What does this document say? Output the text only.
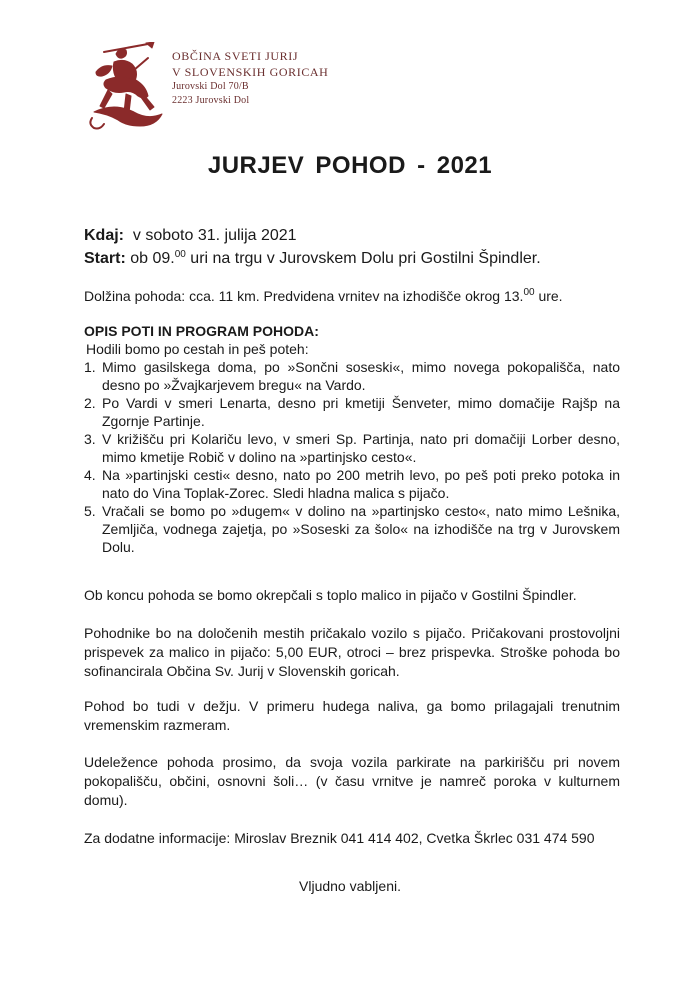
OBČINA SVETI JURIJ
V SLOVENSKIH GORICAH
Jurovski Dol 70/B
2223 Jurovski Dol
JURJEV POHOD - 2021
Kdaj: v soboto 31. julija 2021
Start: ob 09.00 uri na trgu v Jurovskem Dolu pri Gostilni Špindler.
Dolžina pohoda: cca. 11 km. Predvidena vrnitev na izhodišče okrog 13.00 ure.
OPIS POTI IN PROGRAM POHODA:
Hodili bomo po cestah in peš poteh:
1. Mimo gasilskega doma, po »Sončni soseski«, mimo novega pokopališča, nato desno po »Žvajkarjevem bregu« na Vardo.
2. Po Vardi v smeri Lenarta, desno pri kmetiji Šenveter, mimo domačije Rajšp na Zgornje Partinje.
3. V križišču pri Kolariču levo, v smeri Sp. Partinja, nato pri domačiji Lorber desno, mimo kmetije Robič v dolino na »partinjsko cesto«.
4. Na »partinjski cesti« desno, nato po 200 metrih levo, po peš poti preko potoka in nato do Vina Toplak-Zorec. Sledi hladna malica s pijačo.
5. Vračali se bomo po »dugem« v dolino na »partinjsko cesto«, nato mimo Lešnika, Zemljiča, vodnega zajetja, po »Soseski za šolo« na izhodišče na trg v Jurovskem Dolu.
Ob koncu pohoda se bomo okrepčali s toplo malico in pijačo v Gostilni Špindler.
Pohodnike bo na določenih mestih pričakalo vozilo s pijačo. Pričakovani prostovoljni prispevek za malico in pijačo: 5,00 EUR, otroci – brez prispevka. Stroške pohoda bo sofinancirala Občina Sv. Jurij v Slovenskih goricah.
Pohod bo tudi v dežju. V primeru hudega naliva, ga bomo prilagajali trenutnim vremenskim razmeram.
Udeležence pohoda prosimo, da svoja vozila parkirate na parkirišču pri novem pokopališču, občini, osnovni šoli… (v času vrnitve je namreč poroka v kulturnem domu).
Za dodatne informacije: Miroslav Breznik 041 414 402, Cvetka Škrlec 031 474 590
Vljudno vabljeni.
